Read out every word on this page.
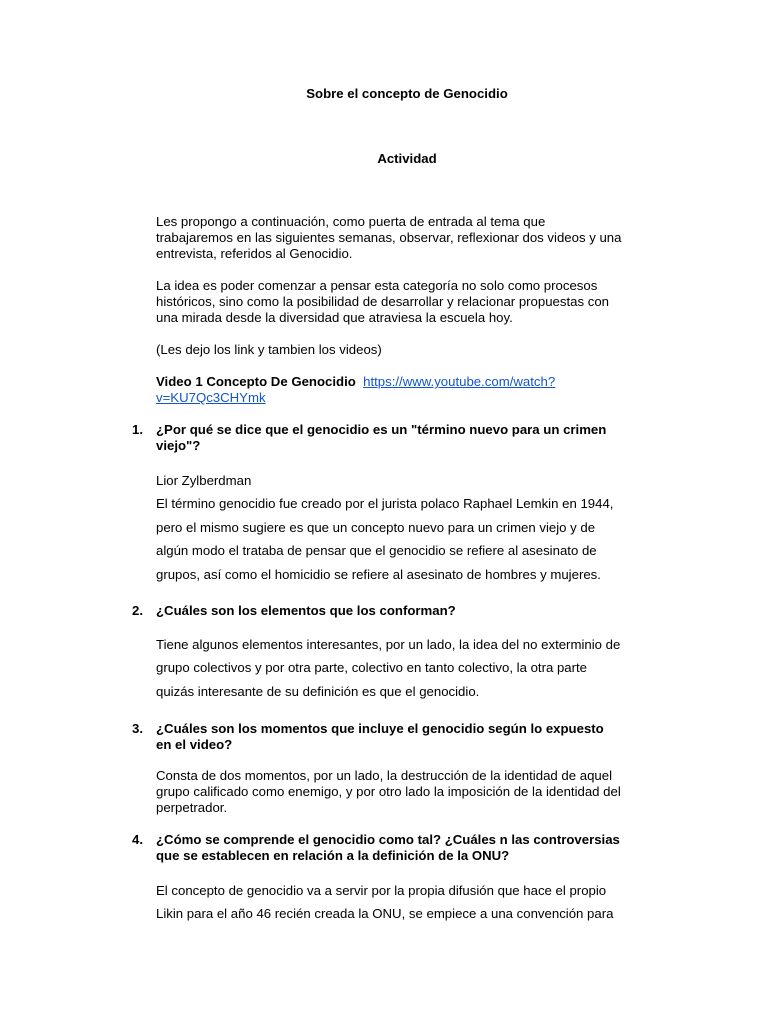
Sobre el concepto de Genocidio
Actividad
Les propongo a continuación, como puerta de entrada al tema que
trabajaremos en las siguientes semanas, observar, reflexionar dos videos y una
entrevista, referidos al Genocidio.
La idea es poder comenzar a pensar esta categoría no solo como procesos
históricos, sino como la posibilidad de desarrollar y relacionar propuestas con
una mirada desde la diversidad que atraviesa la escuela hoy.
(Les dejo los link y tambien los videos)
Video 1 Concepto De Genocidio https://www.youtube.com/watch?
v=KU7Qc3CHYmk
1. ¿Por qué se dice que el genocidio es un "término nuevo para un crimen
viejo"?
Lior Zylberdman
El término genocidio fue creado por el jurista polaco Raphael Lemkin en 1944,
pero el mismo sugiere es que un concepto nuevo para un crimen viejo y de
algún modo el trataba de pensar que el genocidio se refiere al asesinato de
grupos, así como el homicidio se refiere al asesinato de hombres y mujeres.
2. ¿Cuáles son los elementos que los conforman?
Tiene algunos elementos interesantes, por un lado, la idea del no exterminio de
grupo colectivos y por otra parte, colectivo en tanto colectivo, la otra parte
quizás interesante de su definición es que el genocidio.
3. ¿Cuáles son los momentos que incluye el genocidio según lo expuesto
en el video?
Consta de dos momentos, por un lado, la destrucción de la identidad de aquel
grupo calificado como enemigo, y por otro lado la imposición de la identidad del
perpetrador.
4. ¿Cómo se comprende el genocidio como tal? ¿Cuáles n las controversias
que se establecen en relación a la definición de la ONU?
El concepto de genocidio va a servir por la propia difusión que hace el propio
Likin para el año 46 recién creada la ONU, se empiece a una convención para
